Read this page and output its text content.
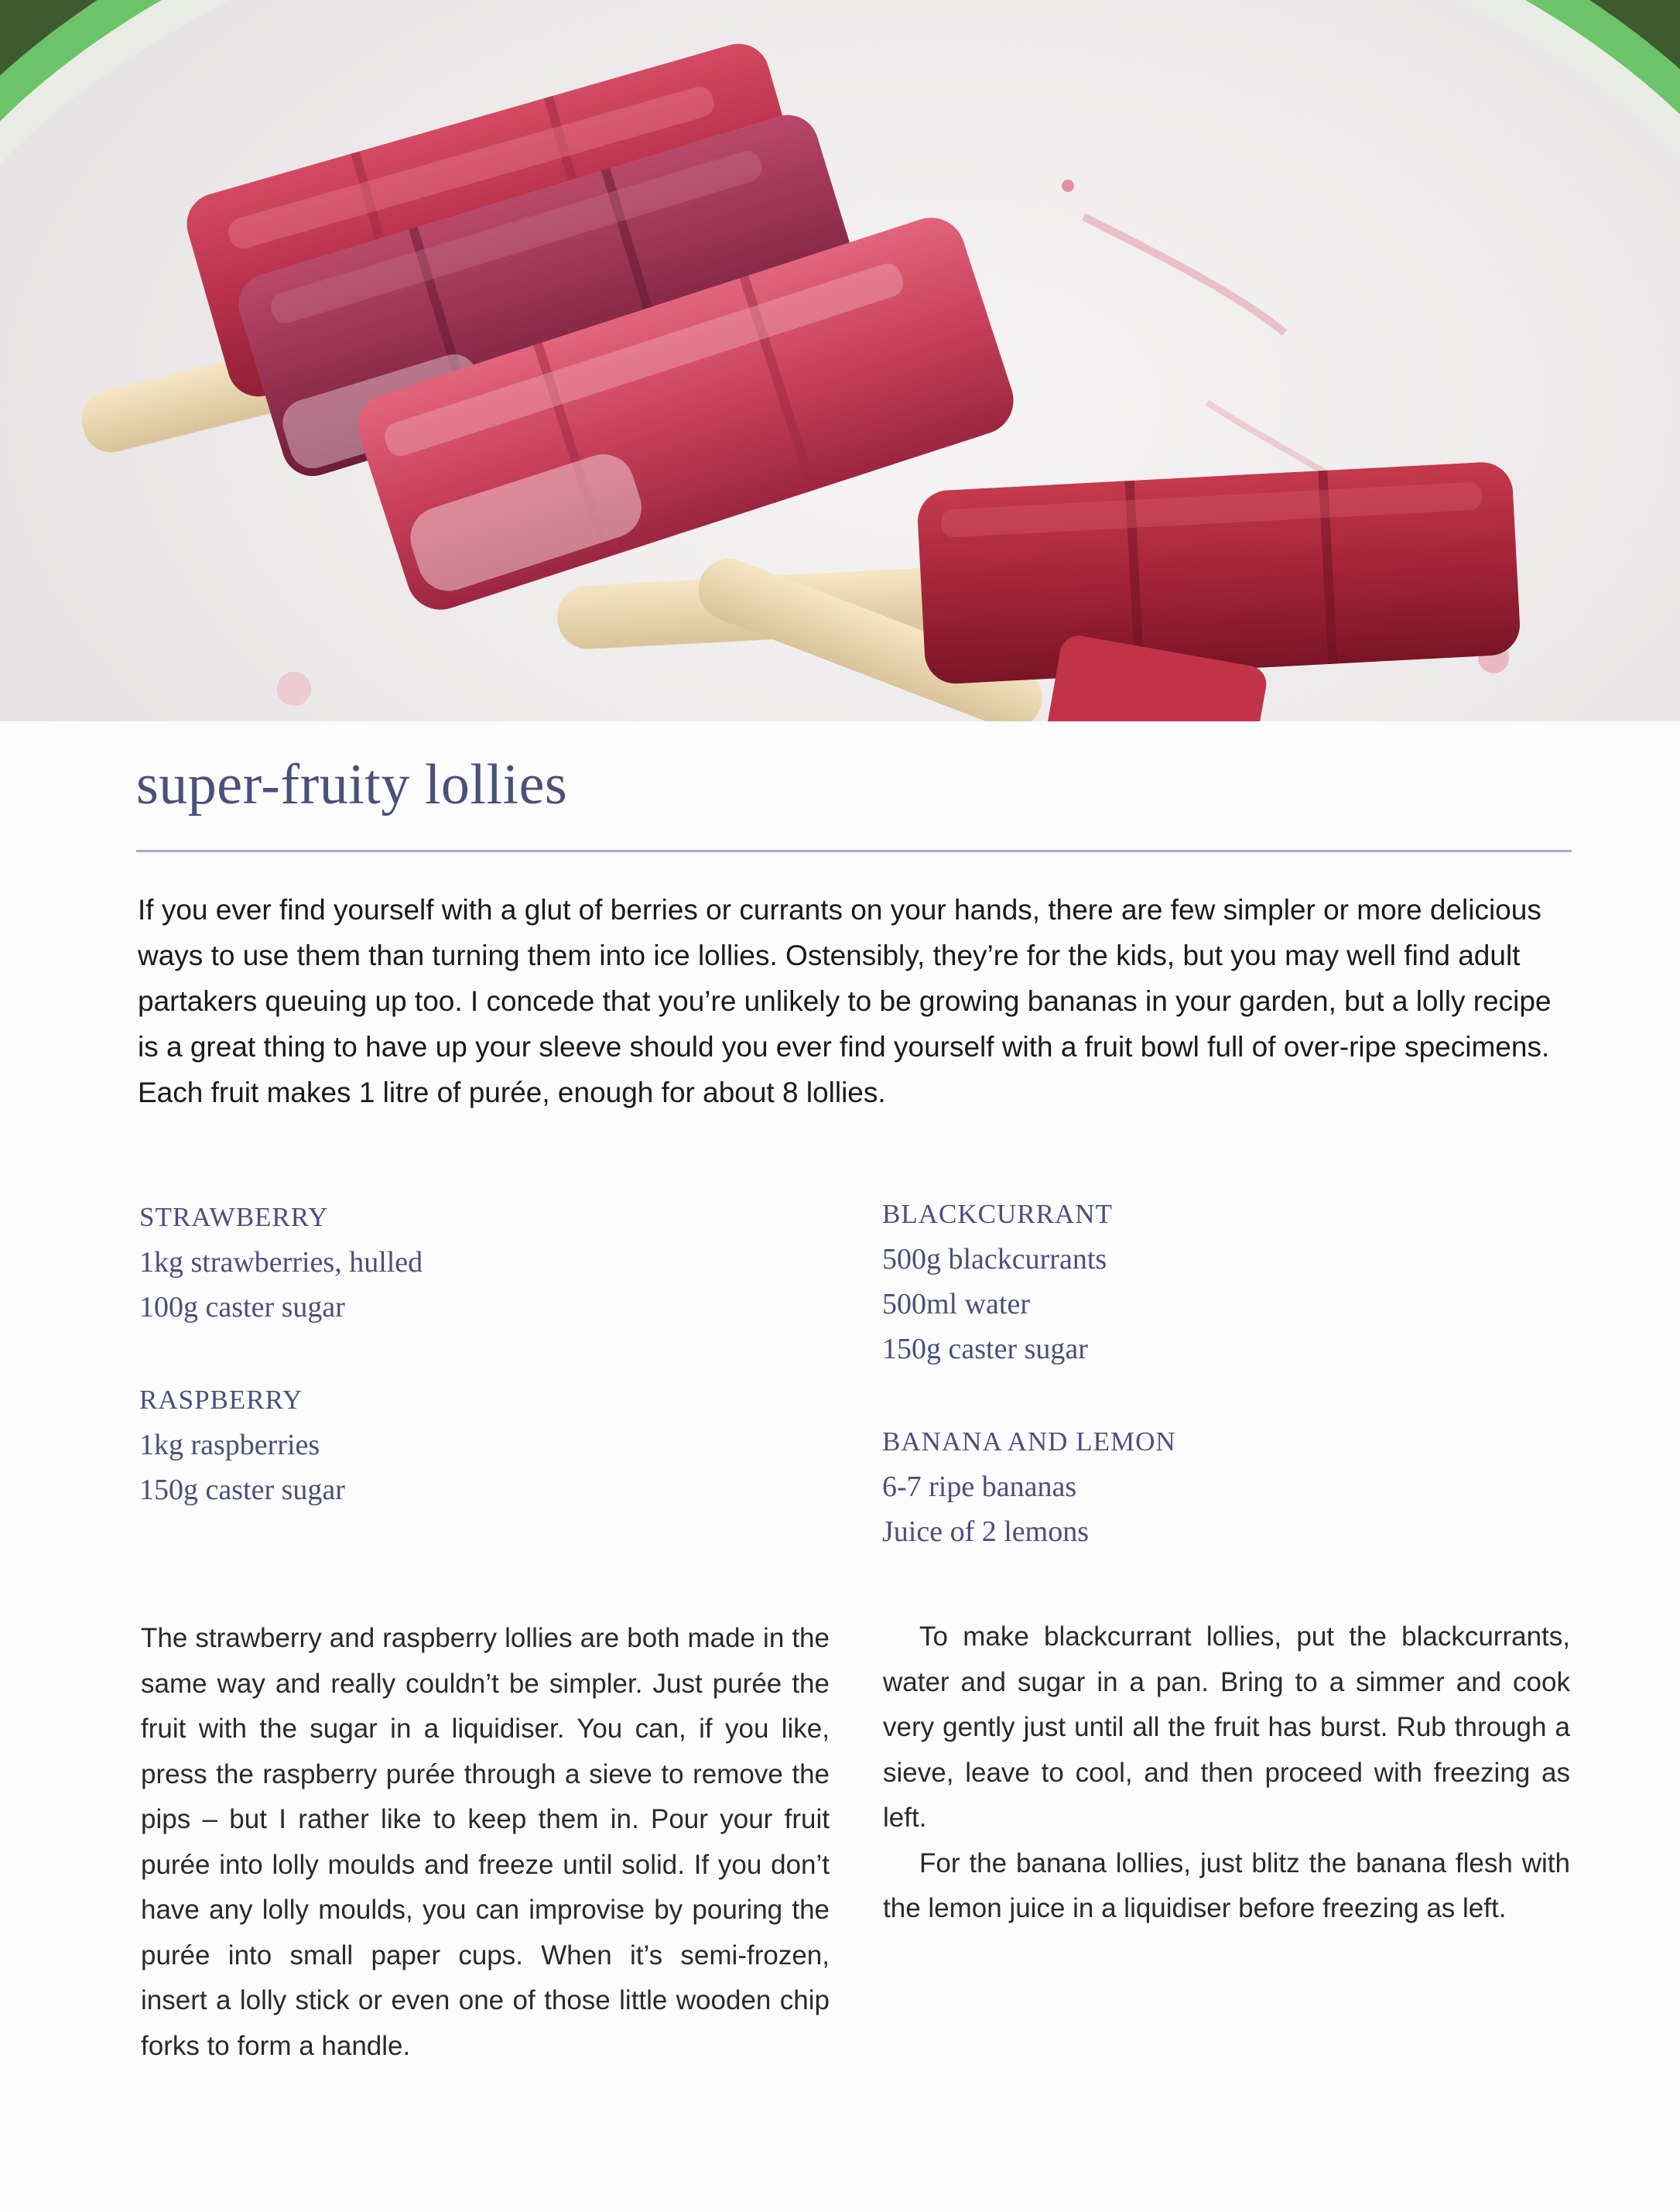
super-fruity lollies

If you ever find yourself with a glut of berries or currants on your hands, there are few simpler or more delicious ways to use them than turning them into ice lollies. Ostensibly, they’re for the kids, but you may well find adult partakers queuing up too. I concede that you’re unlikely to be growing bananas in your garden, but a lolly recipe is a great thing to have up your sleeve should you ever find yourself with a fruit bowl full of over-ripe specimens.

Each fruit makes 1 litre of purée, enough for about 8 lollies.

STRAWBERRY
1kg strawberries, hulled
100g caster sugar
RASPBERRY
1kg raspberries
150g caster sugar
BLACKCURRANT
500g blackcurrants
500ml water
150g caster sugar
BANANA AND LEMON
6-7 ripe bananas
Juice of 2 lemons

The strawberry and raspberry lollies are both made in the same way and really couldn’t be simpler. Just purée the fruit with the sugar in a liquidiser. You can, if you like, press the raspberry purée through a sieve to remove the pips – but I rather like to keep them in. Pour your fruit purée into lolly moulds and freeze until solid. If you don’t have any lolly moulds, you can improvise by pouring the purée into small paper cups. When it’s semi-frozen, insert a lolly stick or even one of those little wooden chip forks to form a handle.

To make blackcurrant lollies, put the blackcurrants, water and sugar in a pan. Bring to a simmer and cook very gently just until all the fruit has burst. Rub through a sieve, leave to cool, and then proceed with freezing as left.

For the banana lollies, just blitz the banana flesh with the lemon juice in a liquidiser before freezing as left.
